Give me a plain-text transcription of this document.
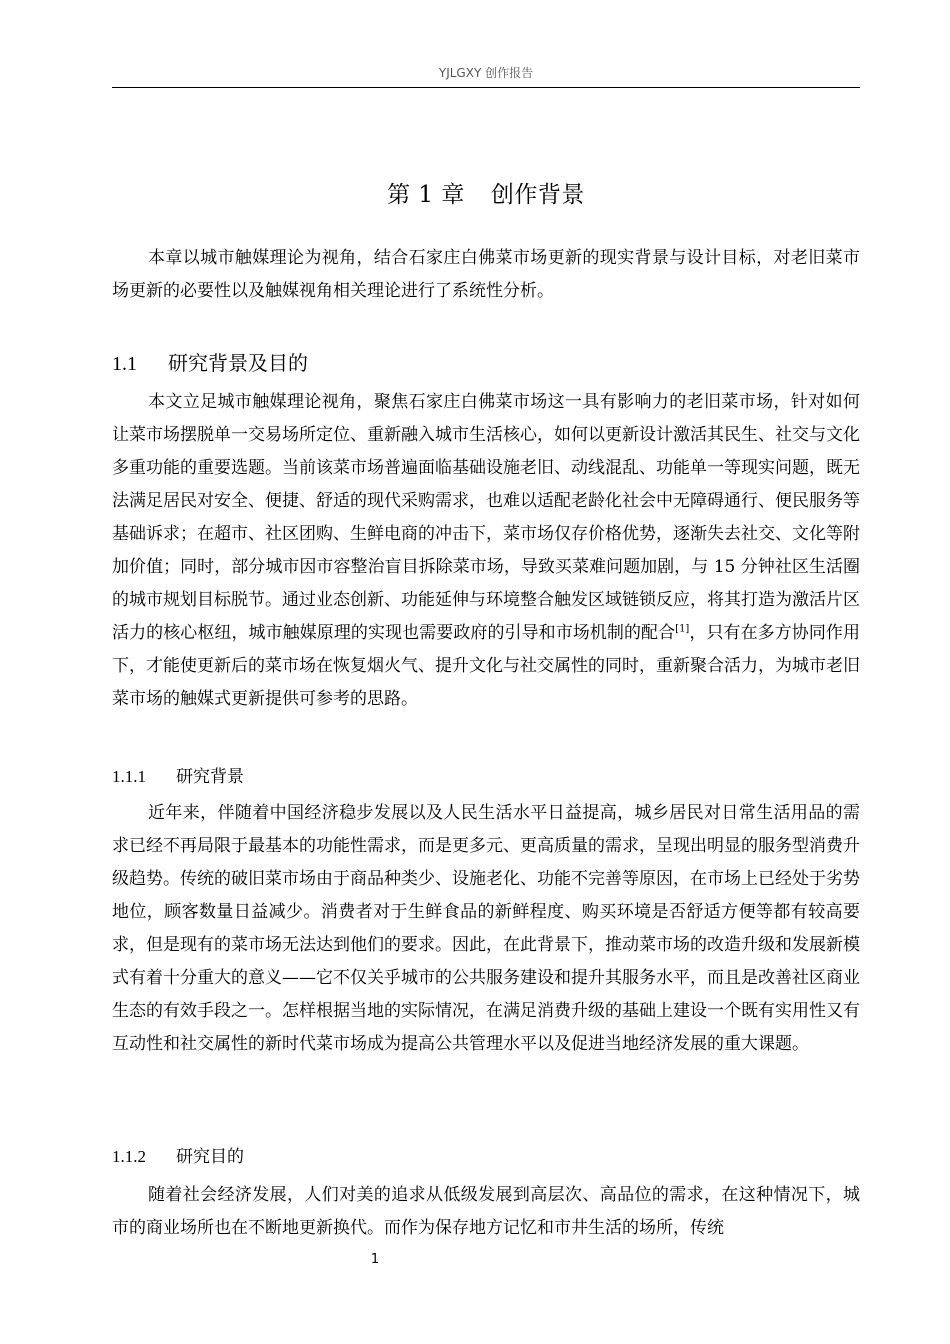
YJLGXY 创作报告
第 1 章 创作背景
本章以城市触媒理论为视角，结合石家庄白佛菜市场更新的现实背景与设计目标，对老旧菜市场更新的必要性以及触媒视角相关理论进行了系统性分析。
1.1 研究背景及目的
本文立足城市触媒理论视角，聚焦石家庄白佛菜市场这一具有影响力的老旧菜市场，针对如何让菜市场摆脱单一交易场所定位、重新融入城市生活核心，如何以更新设计激活其民生、社交与文化多重功能的重要选题。当前该菜市场普遍面临基础设施老旧、动线混乱、功能单一等现实问题，既无法满足居民对安全、便捷、舒适的现代采购需求，也难以适配老龄化社会中无障碍通行、便民服务等基础诉求；在超市、社区团购、生鲜电商的冲击下，菜市场仅存价格优势，逐渐失去社交、文化等附加价值；同时，部分城市因市容整治盲目拆除菜市场，导致买菜难问题加剧，与 15 分钟社区生活圈的城市规划目标脱节。通过业态创新、功能延伸与环境整合触发区域链锁反应，将其打造为激活片区活力的核心枢纽，城市触媒原理的实现也需要政府的引导和市场机制的配合[1]，只有在多方协同作用下，才能使更新后的菜市场在恢复烟火气、提升文化与社交属性的同时，重新聚合活力，为城市老旧菜市场的触媒式更新提供可参考的思路。
1.1.1 研究背景
近年来，伴随着中国经济稳步发展以及人民生活水平日益提高，城乡居民对日常生活用品的需求已经不再局限于最基本的功能性需求，而是更多元、更高质量的需求，呈现出明显的服务型消费升级趋势。传统的破旧菜市场由于商品种类少、设施老化、功能不完善等原因，在市场上已经处于劣势地位，顾客数量日益减少。消费者对于生鲜食品的新鲜程度、购买环境是否舒适方便等都有较高要求，但是现有的菜市场无法达到他们的要求。因此，在此背景下，推动菜市场的改造升级和发展新模式有着十分重大的意义——它不仅关乎城市的公共服务建设和提升其服务水平，而且是改善社区商业生态的有效手段之一。怎样根据当地的实际情况，在满足消费升级的基础上建设一个既有实用性又有互动性和社交属性的新时代菜市场成为提高公共管理水平以及促进当地经济发展的重大课题。
1.1.2 研究目的
随着社会经济发展，人们对美的追求从低级发展到高层次、高品位的需求，在这种情况下，城市的商业场所也在不断地更新换代。而作为保存地方记忆和市井生活的场所，传统
1
